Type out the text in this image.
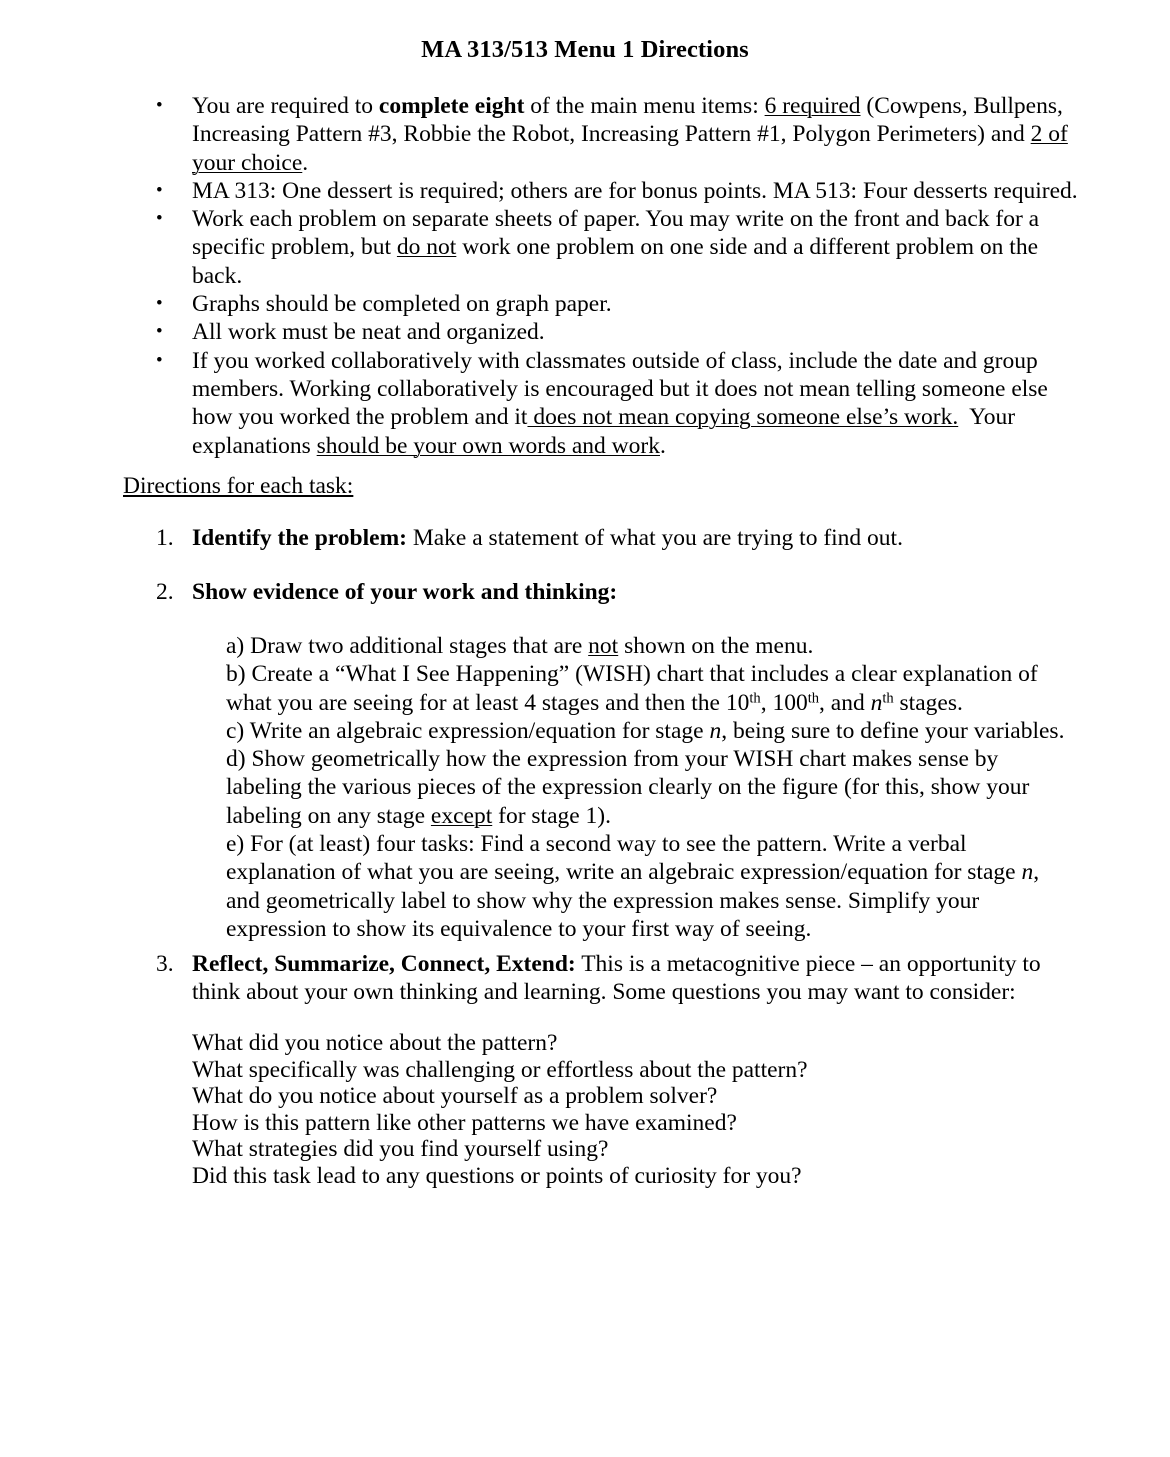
MA 313/513 Menu 1 Directions
• You are required to complete eight of the main menu items: 6 required (Cowpens, Bullpens, Increasing Pattern #3, Robbie the Robot, Increasing Pattern #1, Polygon Perimeters) and 2 of your choice.
• MA 313: One dessert is required; others are for bonus points. MA 513: Four desserts required.
• Work each problem on separate sheets of paper. You may write on the front and back for a specific problem, but do not work one problem on one side and a different problem on the back.
• Graphs should be completed on graph paper.
• All work must be neat and organized.
• If you worked collaboratively with classmates outside of class, include the date and group members. Working collaboratively is encouraged but it does not mean telling someone else how you worked the problem and it does not mean copying someone else’s work.  Your explanations should be your own words and work.
Directions for each task:
1. Identify the problem: Make a statement of what you are trying to find out.
2. Show evidence of your work and thinking:
a) Draw two additional stages that are not shown on the menu.
b) Create a “What I See Happening” (WISH) chart that includes a clear explanation of what you are seeing for at least 4 stages and then the 10th, 100th, and $n^{th}$ stages.
c) Write an algebraic expression/equation for stage n, being sure to define your variables.
d) Show geometrically how the expression from your WISH chart makes sense by labeling the various pieces of the expression clearly on the figure (for this, show your labeling on any stage except for stage 1).
e) For (at least) four tasks: Find a second way to see the pattern. Write a verbal explanation of what you are seeing, write an algebraic expression/equation for stage n, and geometrically label to show why the expression makes sense. Simplify your expression to show its equivalence to your first way of seeing.
3. Reflect, Summarize, Connect, Extend: This is a metacognitive piece – an opportunity to think about your own thinking and learning. Some questions you may want to consider:
What did you notice about the pattern?
What specifically was challenging or effortless about the pattern?
What do you notice about yourself as a problem solver?
How is this pattern like other patterns we have examined?
What strategies did you find yourself using?
Did this task lead to any questions or points of curiosity for you?
